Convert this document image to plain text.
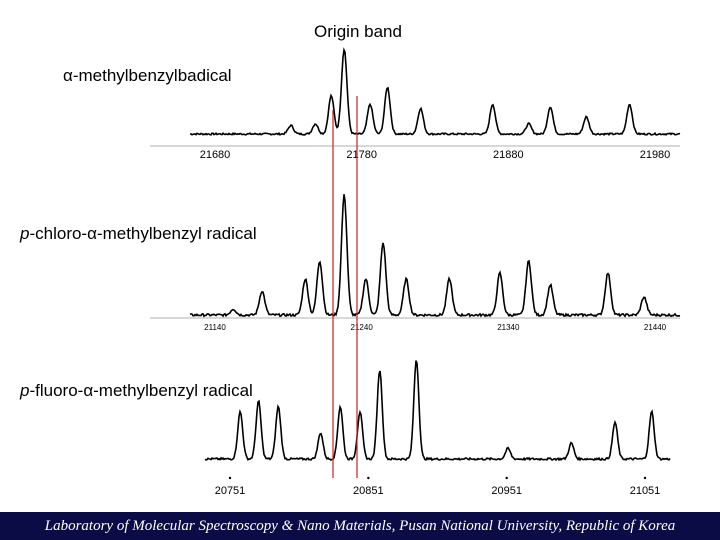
Origin band
α-methylbenzylbadical
p-chloro-α-methylbenzyl radical
p-fluoro-α-methylbenzyl radical
21680	21780	21880	21980
21140	21240	21340	21440
20751	20851	20951	21051
Laboratory of Molecular Spectroscopy & Nano Materials, Pusan National University, Republic of Korea
